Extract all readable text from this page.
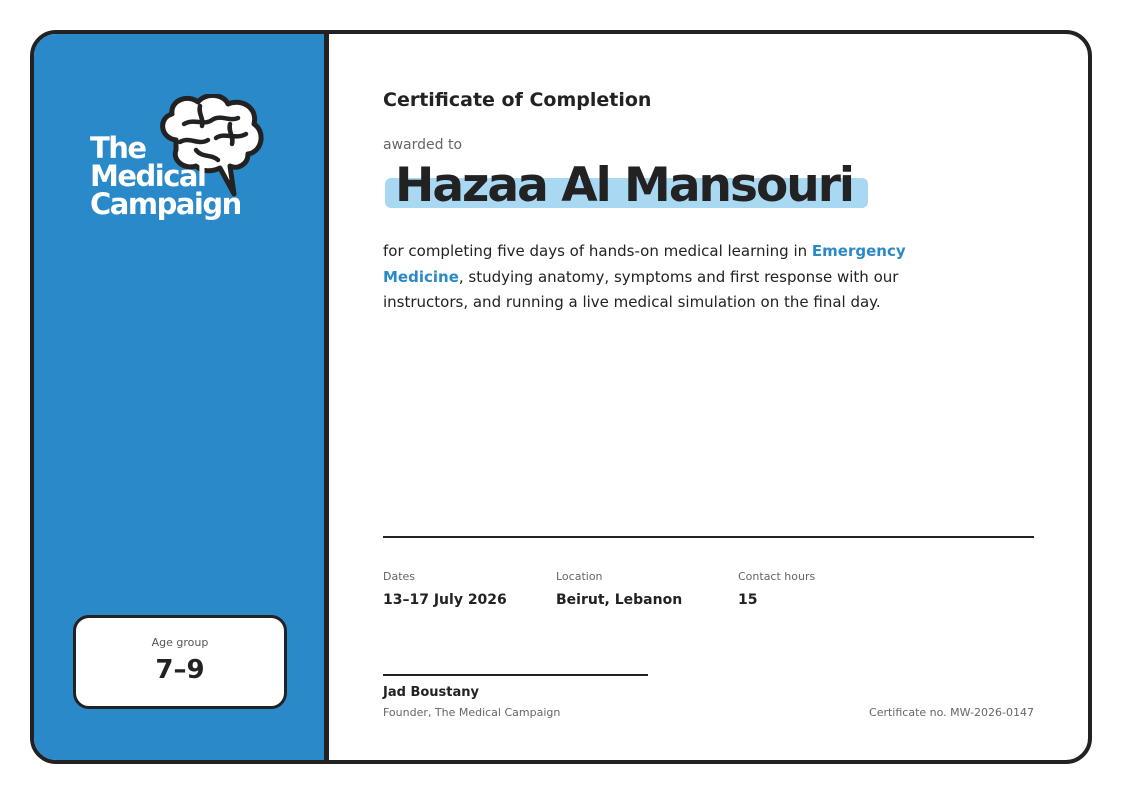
The
Medical
Campaign

Age group
7–9
Certificate of Completion
awarded to
Hazaa Al Mansouri

for completing five days of hands-on medical learning in Emergency Medicine, studying anatomy, symptoms and first response with our instructors, and running a live medical simulation on the final day.

Dates
13–17 July 2026
Location
Beirut, Lebanon
Contact hours
15
Jad Boustany
Founder, The Medical Campaign	Certificate no. MW-2026-0147
